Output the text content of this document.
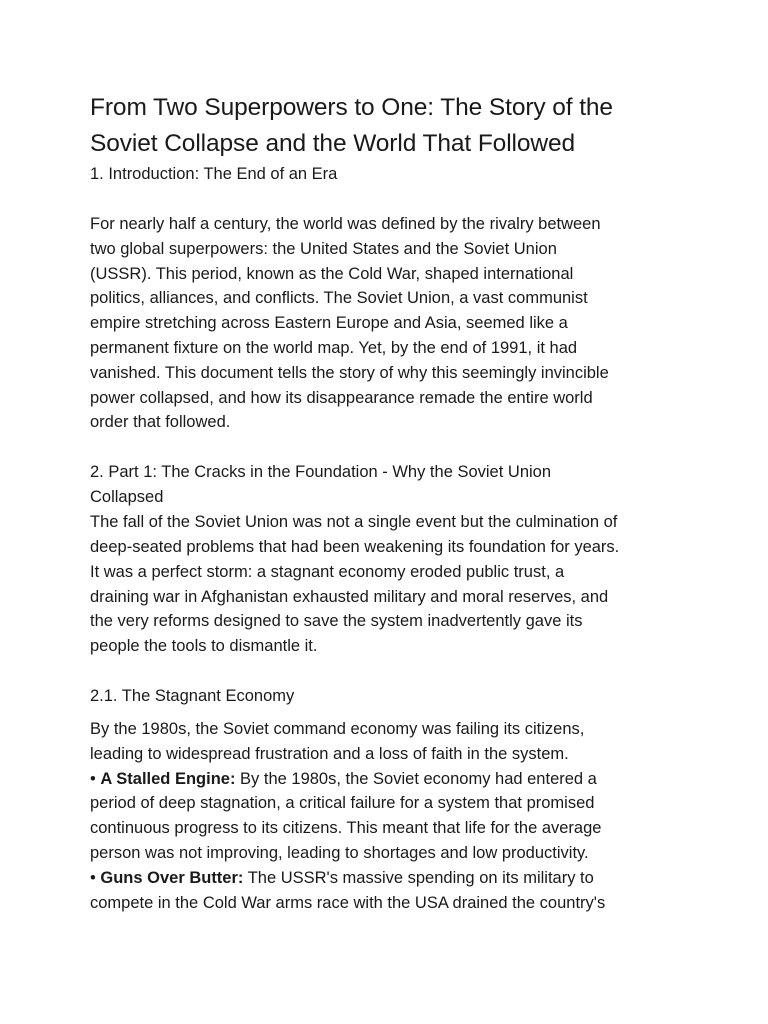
From Two Superpowers to One: The Story of the
Soviet Collapse and the World That Followed
1. Introduction: The End of an Era
For nearly half a century, the world was defined by the rivalry between
two global superpowers: the United States and the Soviet Union
(USSR). This period, known as the Cold War, shaped international
politics, alliances, and conflicts. The Soviet Union, a vast communist
empire stretching across Eastern Europe and Asia, seemed like a
permanent fixture on the world map. Yet, by the end of 1991, it had
vanished. This document tells the story of why this seemingly invincible
power collapsed, and how its disappearance remade the entire world
order that followed.
2. Part 1: The Cracks in the Foundation - Why the Soviet Union
Collapsed
The fall of the Soviet Union was not a single event but the culmination of
deep-seated problems that had been weakening its foundation for years.
It was a perfect storm: a stagnant economy eroded public trust, a
draining war in Afghanistan exhausted military and moral reserves, and
the very reforms designed to save the system inadvertently gave its
people the tools to dismantle it.
2.1. The Stagnant Economy
By the 1980s, the Soviet command economy was failing its citizens,
leading to widespread frustration and a loss of faith in the system.
• A Stalled Engine: By the 1980s, the Soviet economy had entered a
period of deep stagnation, a critical failure for a system that promised
continuous progress to its citizens. This meant that life for the average
person was not improving, leading to shortages and low productivity.
• Guns Over Butter: The USSR's massive spending on its military to
compete in the Cold War arms race with the USA drained the country's
